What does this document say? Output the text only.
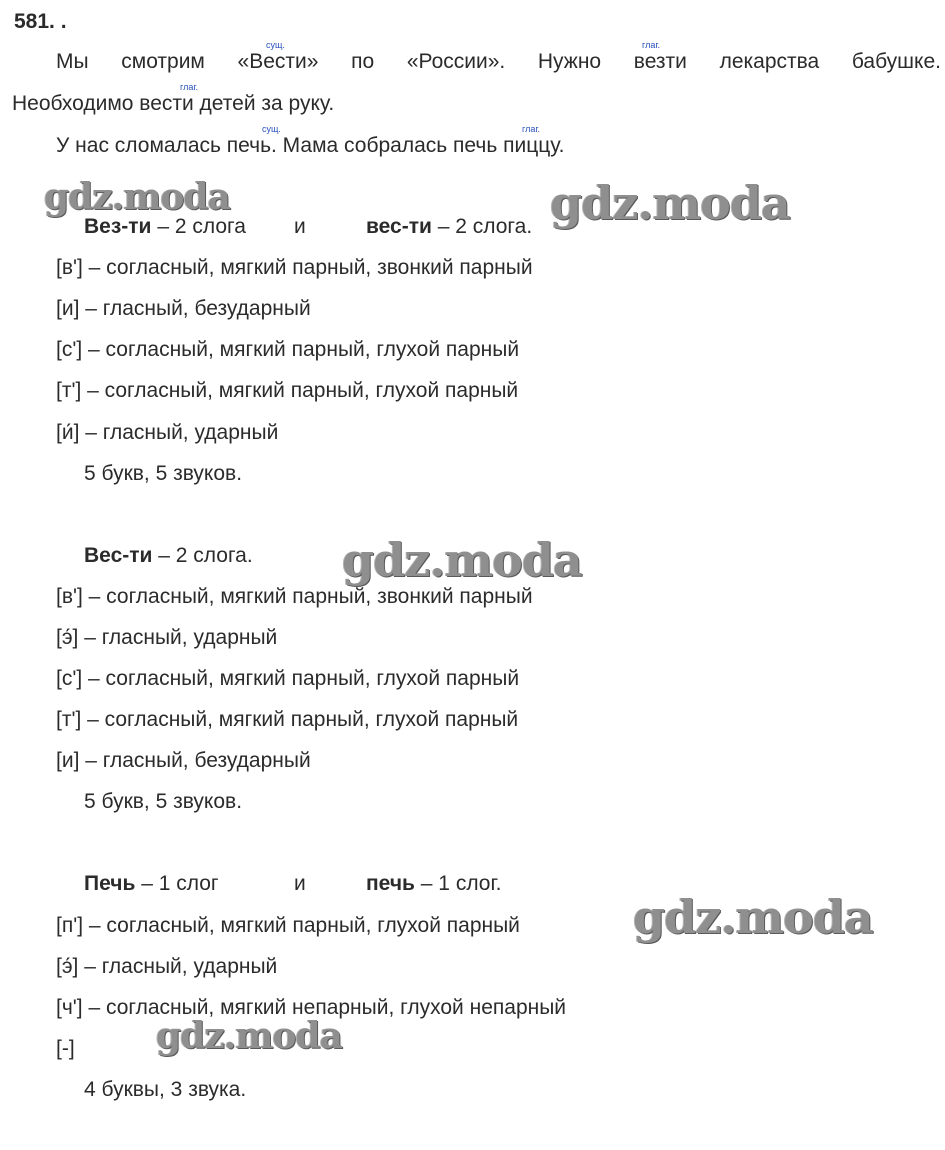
581. .
Мы смотрим «Вести» по «России». Нужно везти лекарства бабушке.
сущ.	глаг.
Необходимо вести детей за руку.
глаг.
У нас сломалась печь. Мама собралась печь пиццу.
сущ.	глаг.
Вез-ти – 2 слога и	вес-ти – 2 слога.
[в'] – согласный, мягкий парный, звонкий парный
[и] – гласный, безударный
[с'] – согласный, мягкий парный, глухой парный
[т'] – согласный, мягкий парный, глухой парный
[и́] – гласный, ударный
5 букв, 5 звуков.
Вес-ти – 2 слога.
[в'] – согласный, мягкий парный, звонкий парный
[э́] – гласный, ударный
[с'] – согласный, мягкий парный, глухой парный
[т'] – согласный, мягкий парный, глухой парный
[и] – гласный, безударный
5 букв, 5 звуков.
Печь – 1 слог	и	печь – 1 слог.
[п'] – согласный, мягкий парный, глухой парный
[э́] – гласный, ударный
[ч'] – согласный, мягкий непарный, глухой непарный
[-]
4 буквы, 3 звука.
gdz.moda	gdz.moda
gdz.moda
gdz.moda
gdz.moda
